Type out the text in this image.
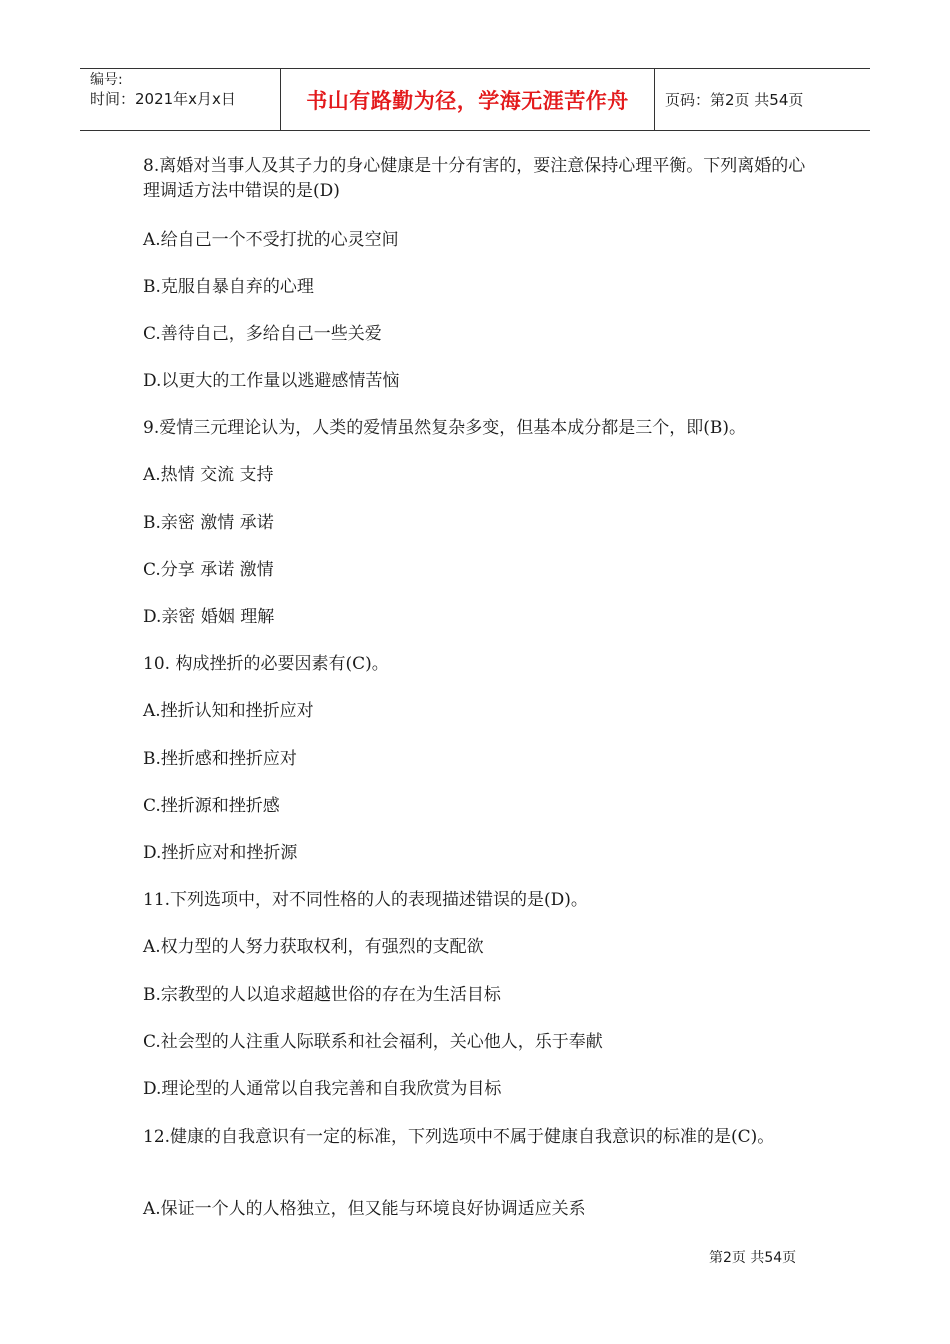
编号:
时间：2021年x月x日	书山有路勤为径，学海无涯苦作舟 页码：第2页 共54页
8.离婚对当事人及其子力的身心健康是十分有害的，要注意保持心理平衡。下列离婚的心理调适方法中错误的是(D)
A.给自己一个不受打扰的心灵空间
B.克服自暴自弃的心理
C.善待自己，多给自己一些关爱
D.以更大的工作量以逃避感情苦恼
9.爱情三元理论认为，人类的爱情虽然复杂多变，但基本成分都是三个，即(B)。
A.热情 交流 支持
B.亲密 激情 承诺
C.分享 承诺 激情
D.亲密 婚姻 理解
10. 构成挫折的必要因素有(C)。
A.挫折认知和挫折应对
B.挫折感和挫折应对
C.挫折源和挫折感
D.挫折应对和挫折源
11.下列选项中，对不同性格的人的表现描述错误的是(D)。
A.权力型的人努力获取权利，有强烈的支配欲
B.宗教型的人以追求超越世俗的存在为生活目标
C.社会型的人注重人际联系和社会福利，关心他人，乐于奉献
D.理论型的人通常以自我完善和自我欣赏为目标
12.健康的自我意识有一定的标准，下列选项中不属于健康自我意识的标准的是(C)。
A.保证一个人的人格独立，但又能与环境良好协调适应关系
第2页 共54页
